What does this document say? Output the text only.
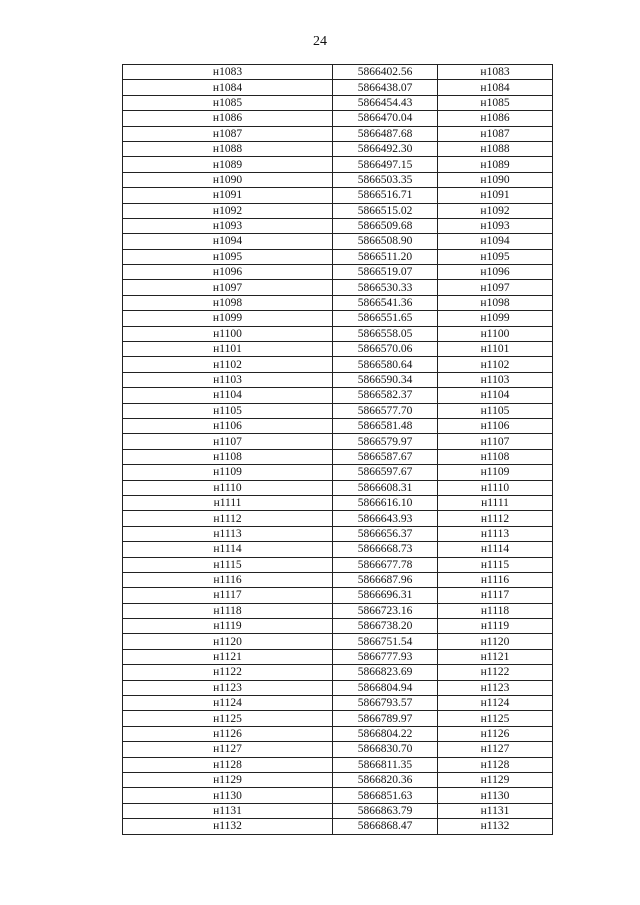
24
н1083	5866402.56	н1083
н1084	5866438.07	н1084
н1085	5866454.43	н1085
н1086	5866470.04	н1086
н1087	5866487.68	н1087
н1088	5866492.30	н1088
н1089	5866497.15	н1089
н1090	5866503.35	н1090
н1091	5866516.71	н1091
н1092	5866515.02	н1092
н1093	5866509.68	н1093
н1094	5866508.90	н1094
н1095	5866511.20	н1095
н1096	5866519.07	н1096
н1097	5866530.33	н1097
н1098	5866541.36	н1098
н1099	5866551.65	н1099
н1100	5866558.05	н1100
н1101	5866570.06	н1101
н1102	5866580.64	н1102
н1103	5866590.34	н1103
н1104	5866582.37	н1104
н1105	5866577.70	н1105
н1106	5866581.48	н1106
н1107	5866579.97	н1107
н1108	5866587.67	н1108
н1109	5866597.67	н1109
н1110	5866608.31	н1110
н1111	5866616.10	н1111
н1112	5866643.93	н1112
н1113	5866656.37	н1113
н1114	5866668.73	н1114
н1115	5866677.78	н1115
н1116	5866687.96	н1116
н1117	5866696.31	н1117
н1118	5866723.16	н1118
н1119	5866738.20	н1119
н1120	5866751.54	н1120
н1121	5866777.93	н1121
н1122	5866823.69	н1122
н1123	5866804.94	н1123
н1124	5866793.57	н1124
н1125	5866789.97	н1125
н1126	5866804.22	н1126
н1127	5866830.70	н1127
н1128	5866811.35	н1128
н1129	5866820.36	н1129
н1130	5866851.63	н1130
н1131	5866863.79	н1131
н1132	5866868.47	н1132
